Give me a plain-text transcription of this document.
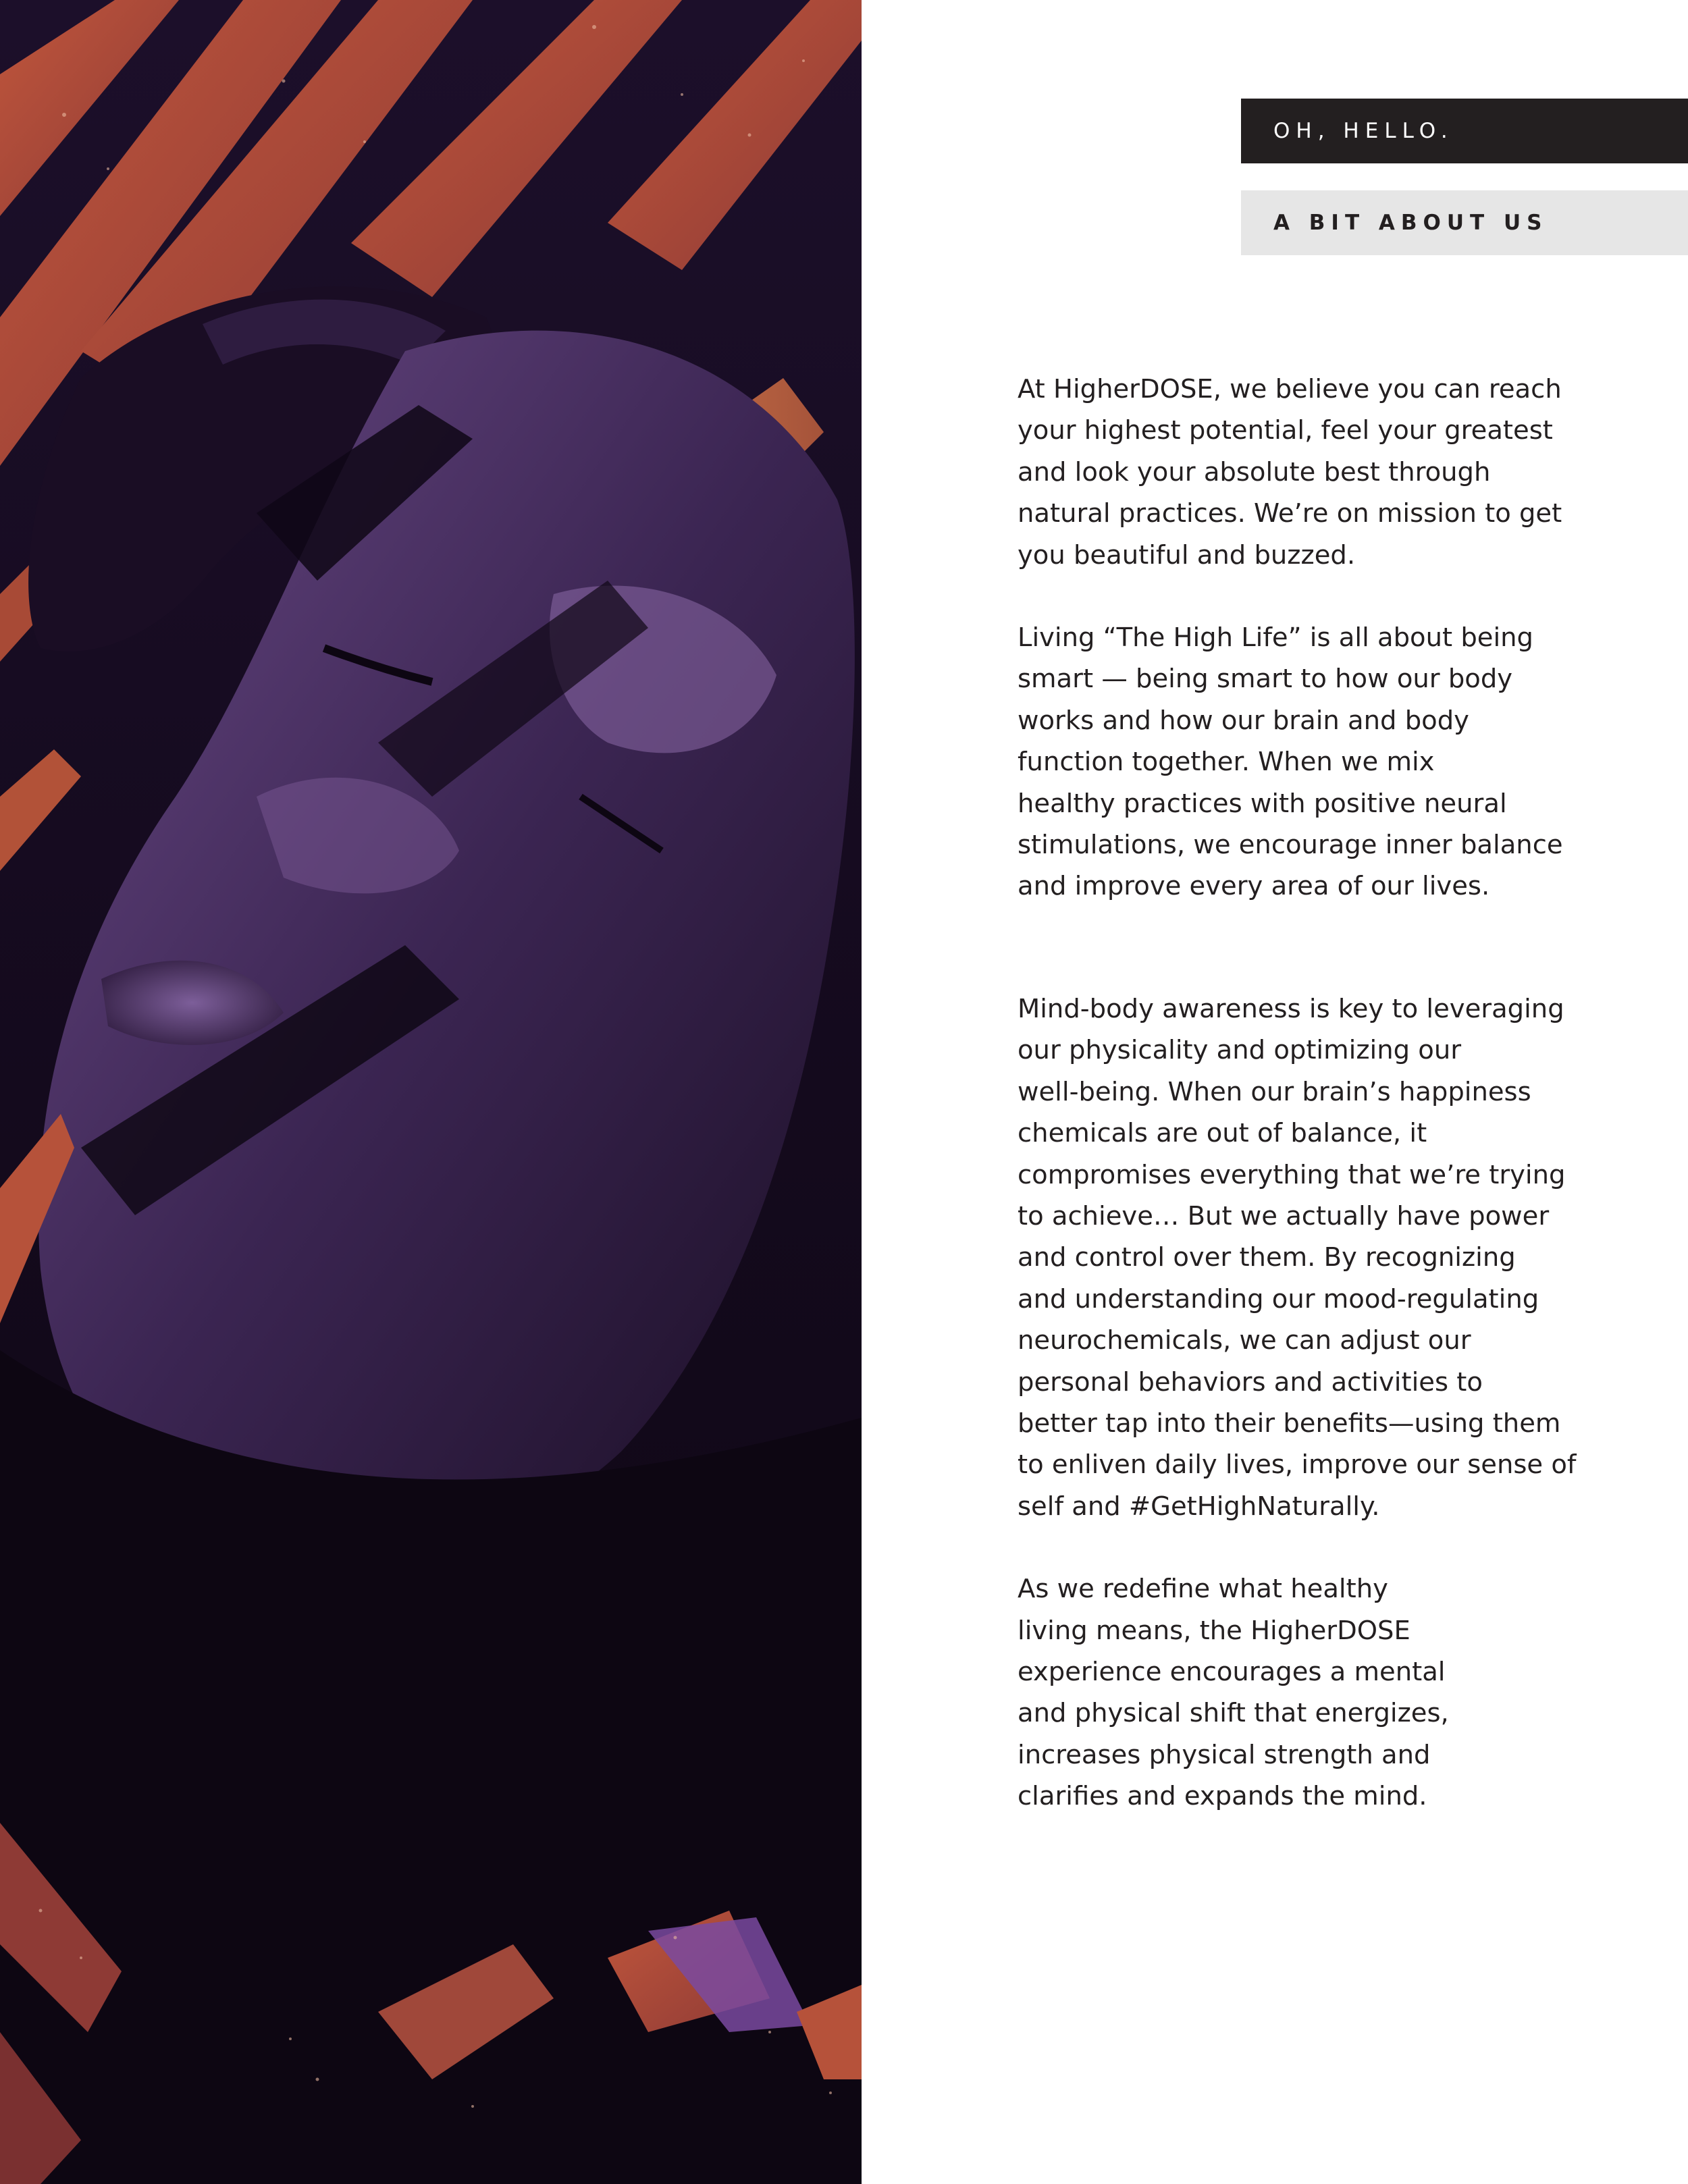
OH, HELLO.
A BIT ABOUT US
At HigherDOSE, we believe you can reach
your highest potential, feel your greatest
and look your absolute best through
natural practices. We’re on mission to get
you beautiful and buzzed.
Living “The High Life” is all about being
smart — being smart to how our body
works and how our brain and body
function together. When we mix
healthy practices with positive neural
stimulations, we encourage inner balance
and improve every area of our lives.
Mind-body awareness is key to leveraging
our physicality and optimizing our
well-being. When our brain’s happiness
chemicals are out of balance, it
compromises everything that we’re trying
to achieve… But we actually have power
and control over them. By recognizing
and understanding our mood-regulating
neurochemicals, we can adjust our
personal behaviors and activities to
better tap into their benefits—using them
to enliven daily lives, improve our sense of
self and #GetHighNaturally.
As we redefine what healthy
living means, the HigherDOSE
experience encourages a mental
and physical shift that energizes,
increases physical strength and
clarifies and expands the mind.
